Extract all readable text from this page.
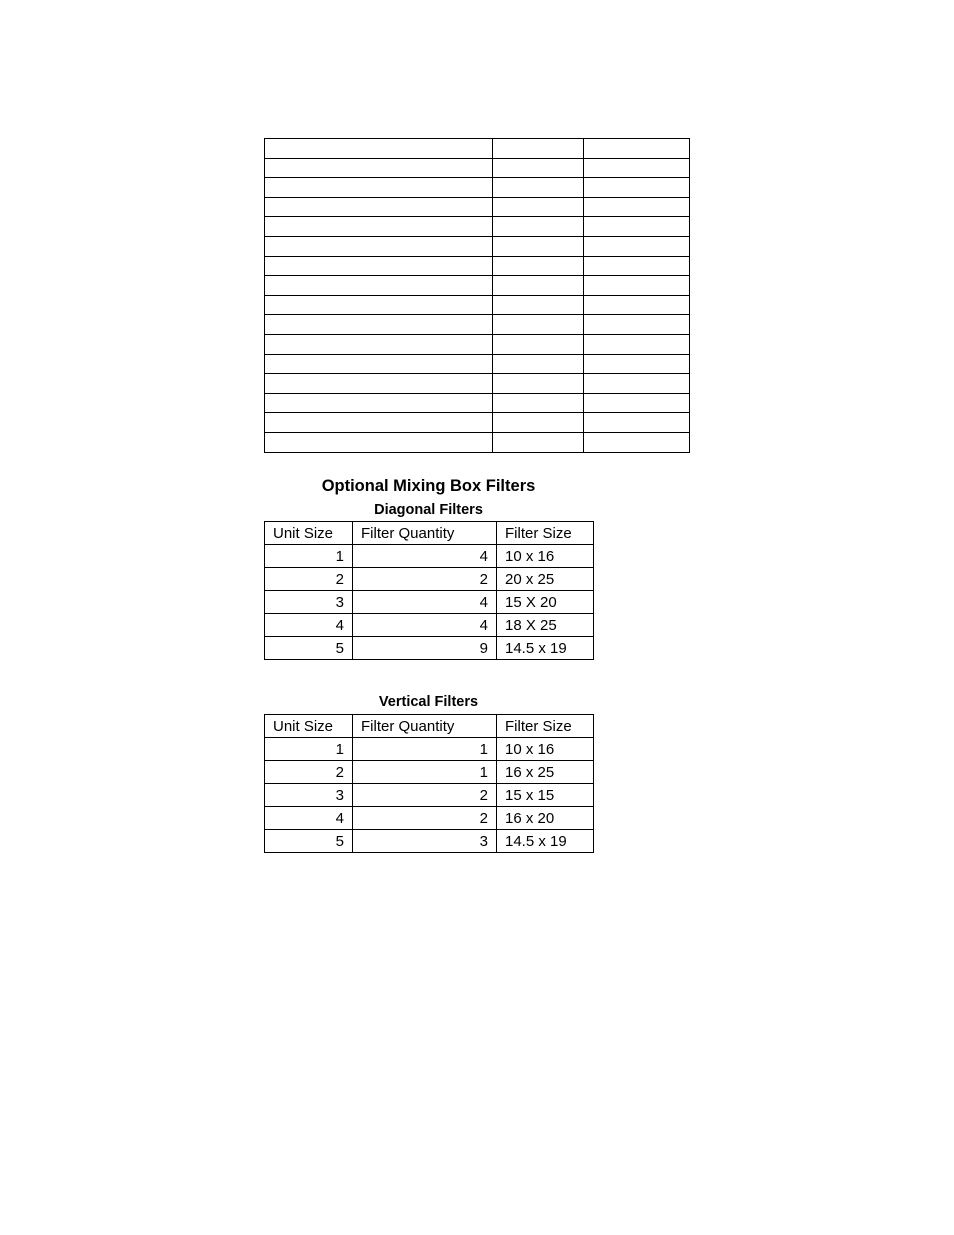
Optional Mixing Box Filters
Diagonal Filters
Unit Size	Filter Quantity	Filter Size
1	4	10 x 16
2	2	20 x 25
3	4	15 X 20
4	4	18 X 25
5	9	14.5 x 19
Vertical Filters
Unit Size	Filter Quantity	Filter Size
1	1	10 x 16
2	1	16 x 25
3	2	15 x 15
4	2	16 x 20
5	3	14.5 x 19
